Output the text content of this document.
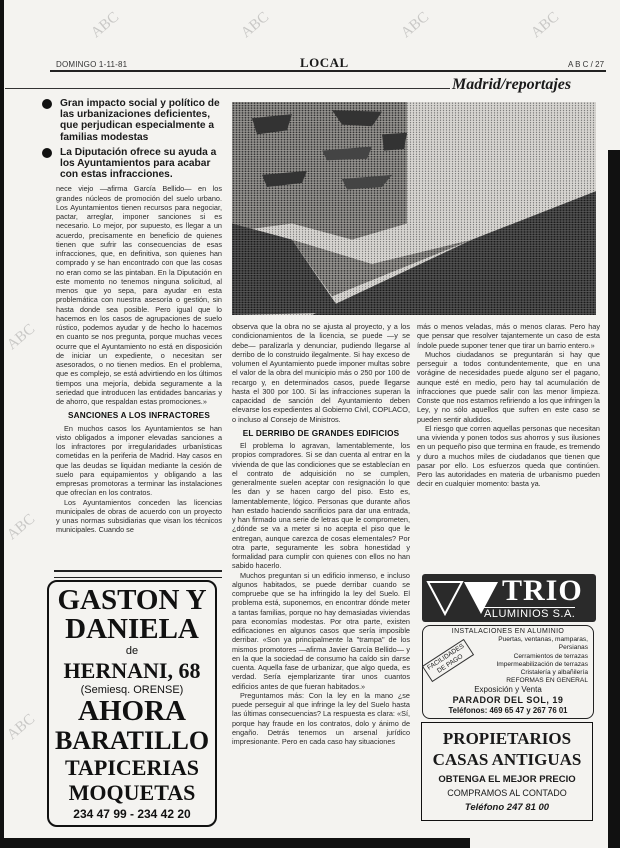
DOMINGO 1-11-81	LOCAL	A B C / 27
Madrid/reportajes
Gran impacto social y político de las urbanizaciones deficientes, que perjudican especialmente a familias modestas
La Diputación ofrece su ayuda a los Ayuntamientos para acabar con estas infracciones.

nece viejo —afirma García Bellido— en los grandes núcleos de promoción del suelo urbano. Los Ayuntamientos tienen recursos para negociar, pactar, arreglar, imponer sanciones si es necesario. Lo mejor, por supuesto, es llegar a un acuerdo, precisamente en beneficio de quienes tienen que sufrir las consecuencias de esas infracciones, que, en definitiva, son quienes han comprado y se han encontrado con que las cosas no eran como se las pintaban. En la Diputación en este momento no tenemos ninguna solicitud, al menos que yo sepa, para ayudar en esta problemática con nuestra asesoría o gestión, sin hasta donde sea posible. Pero igual que lo hacemos en los casos de agrupaciones de suelo rústico, podemos ayudar y de hecho lo hacemos en cuanto se nos pregunta, porque muchas veces ocurre que el Ayuntamiento no está en disposición de iniciar un expediente, o necesitan ser asesorados, o no tienen medios. En el problema, que es complejo, se está advirtiendo en los últimos tiempos una mejoría, debida seguramente a la seriedad que introducen las entidades bancarias y de ahorro, que respaldan estas promociones.»

SANCIONES A LOS INFRACTORES

En muchos casos los Ayuntamientos se han visto obligados a imponer elevadas sanciones a los infractores por irregularidades urbanísticas cometidas en la periferia de Madrid. Hay casos en que las deudas se liquidan mediante la cesión de suelo para equipamientos y obligando a las empresas promotoras a terminar las instalaciones que ofrecían en los contratos.

Los Ayuntamientos conceden las licencias municipales de obras de acuerdo con un proyecto y unas normas subsidiarias que visan los técnicos municipales. Cuando se

observa que la obra no se ajusta al proyecto, y a los condicionamientos de la licencia, se puede —y se debe— paralizarla y denunciar, pudiendo llegarse al derribo de lo construido ilegalmente. Si hay exceso de volumen el Ayuntamiento puede imponer multas sobre el valor de la obra del municipio más o 250 por 100 de recargo y, en determinados casos, puede llegarse hasta el 300 por 100. Si las infracciones superan la capacidad de sanción del Ayuntamiento deben elevarse los expedientes al Gobierno Civil, COPLACO, o incluso al Consejo de Ministros.

EL DERRIBO DE GRANDES EDIFICIOS

El problema lo agravan, lamentablemente, los propios compradores. Si se dan cuenta al entrar en la vivienda de que las condiciones que se establecían en el contrato de adquisición no se cumplen, generalmente suelen aceptar con resignación lo que les dan y se hacen cargo del piso. Esto es, lamentablemente, lógico. Personas que durante años han estado haciendo sacrificios para dar una entrada, y han firmado una serie de letras que le comprometen, ¿dónde se va a meter si no acepta el piso que le entregan, aunque carezca de cosas elementales? Por otra parte, seguramente les sobra honestidad y formalidad para cumplir con quienes con ellos no han sabido hacerlo.

Muchos preguntan si un edificio inmenso, e incluso algunos habitados, se puede derribar cuando se compruebe que se ha infringido la ley del Suelo. El problema está, suponemos, en encontrar dónde meter a tantas familias, porque no hay demasiadas viviendas para economías modestas. Por otra parte, existen edificaciones en algunos casos que sería imposible derribar. «Son ya principalmente la "trampa" de los mismos promotores —afirma Javier García Bellido— y en la que la sociedad de consumo ha caído sin darse cuenta. Aquella fase de urbanizar, que algo queda, es verdad. Sería ejemplarizante tirar unos cuantos edificios antes de que fueran habitados.»

Preguntamos más: Con la ley en la mano ¿se puede perseguir al que infringe la ley del Suelo hasta las últimas consecuencias? La respuesta es clara: «Sí, porque hay fraude en los contratos, dolo y ánimo de engaño. Detrás tenemos un arsenal jurídico impresionante. Pero en cada caso hay situaciones

más o menos veladas, más o menos claras. Pero hay que pensar que resolver tajantemente un caso de esta índole puede suponer tener que tirar un barrio entero.»

Muchos ciudadanos se preguntarán si hay que perseguir a todos contundentemente, que en una vorágine de necesidades puede alguno ser el pagano, aunque esté en medio, pero hay tal acumulación de infracciones que puede salir con las menor limpieza. Conste que nos estamos refiriendo a los que infringen la Ley, y no sólo aquellos que sufren en este caso se pueden sentir aludidos.

El riesgo que corren aquellas personas que necesitan una vivienda y ponen todos sus ahorros y sus ilusiones en un pequeño piso que termina en fraude, es tremendo y duro a muchos miles de ciudadanos que tienen que pasar por ello. Los esfuerzos queda que continúen. Pero las autoridades en materia de urbanismo pueden decir en cualquier momento: basta ya.

GASTON Y
DANIELA
de
HERNANI, 68
(Semiesq. ORENSE)
AHORA
BARATILLO
TAPICERIAS
MOQUETAS
234 47 99 - 234 42 20
TRIO
ALUMINIOS S.A.
INSTALACIONES EN ALUMINIO
FACILIDADES DE PAGO
Puertas, ventanas, mamparas, Persianas
Cerramientos de terrazas
Impermeabilización de terrazas
Cristalería y albañilería
REFORMAS EN GENERAL
Exposición y Venta
PARADOR DEL SOL, 19
Teléfonos: 469 65 47 y 267 76 01
PROPIETARIOS
CASAS ANTIGUAS
OBTENGA EL MEJOR PRECIO
COMPRAMOS AL CONTADO
Teléfono 247 81 00
ABC	ABC	ABC	ABC
ABC
ABC
ABC
